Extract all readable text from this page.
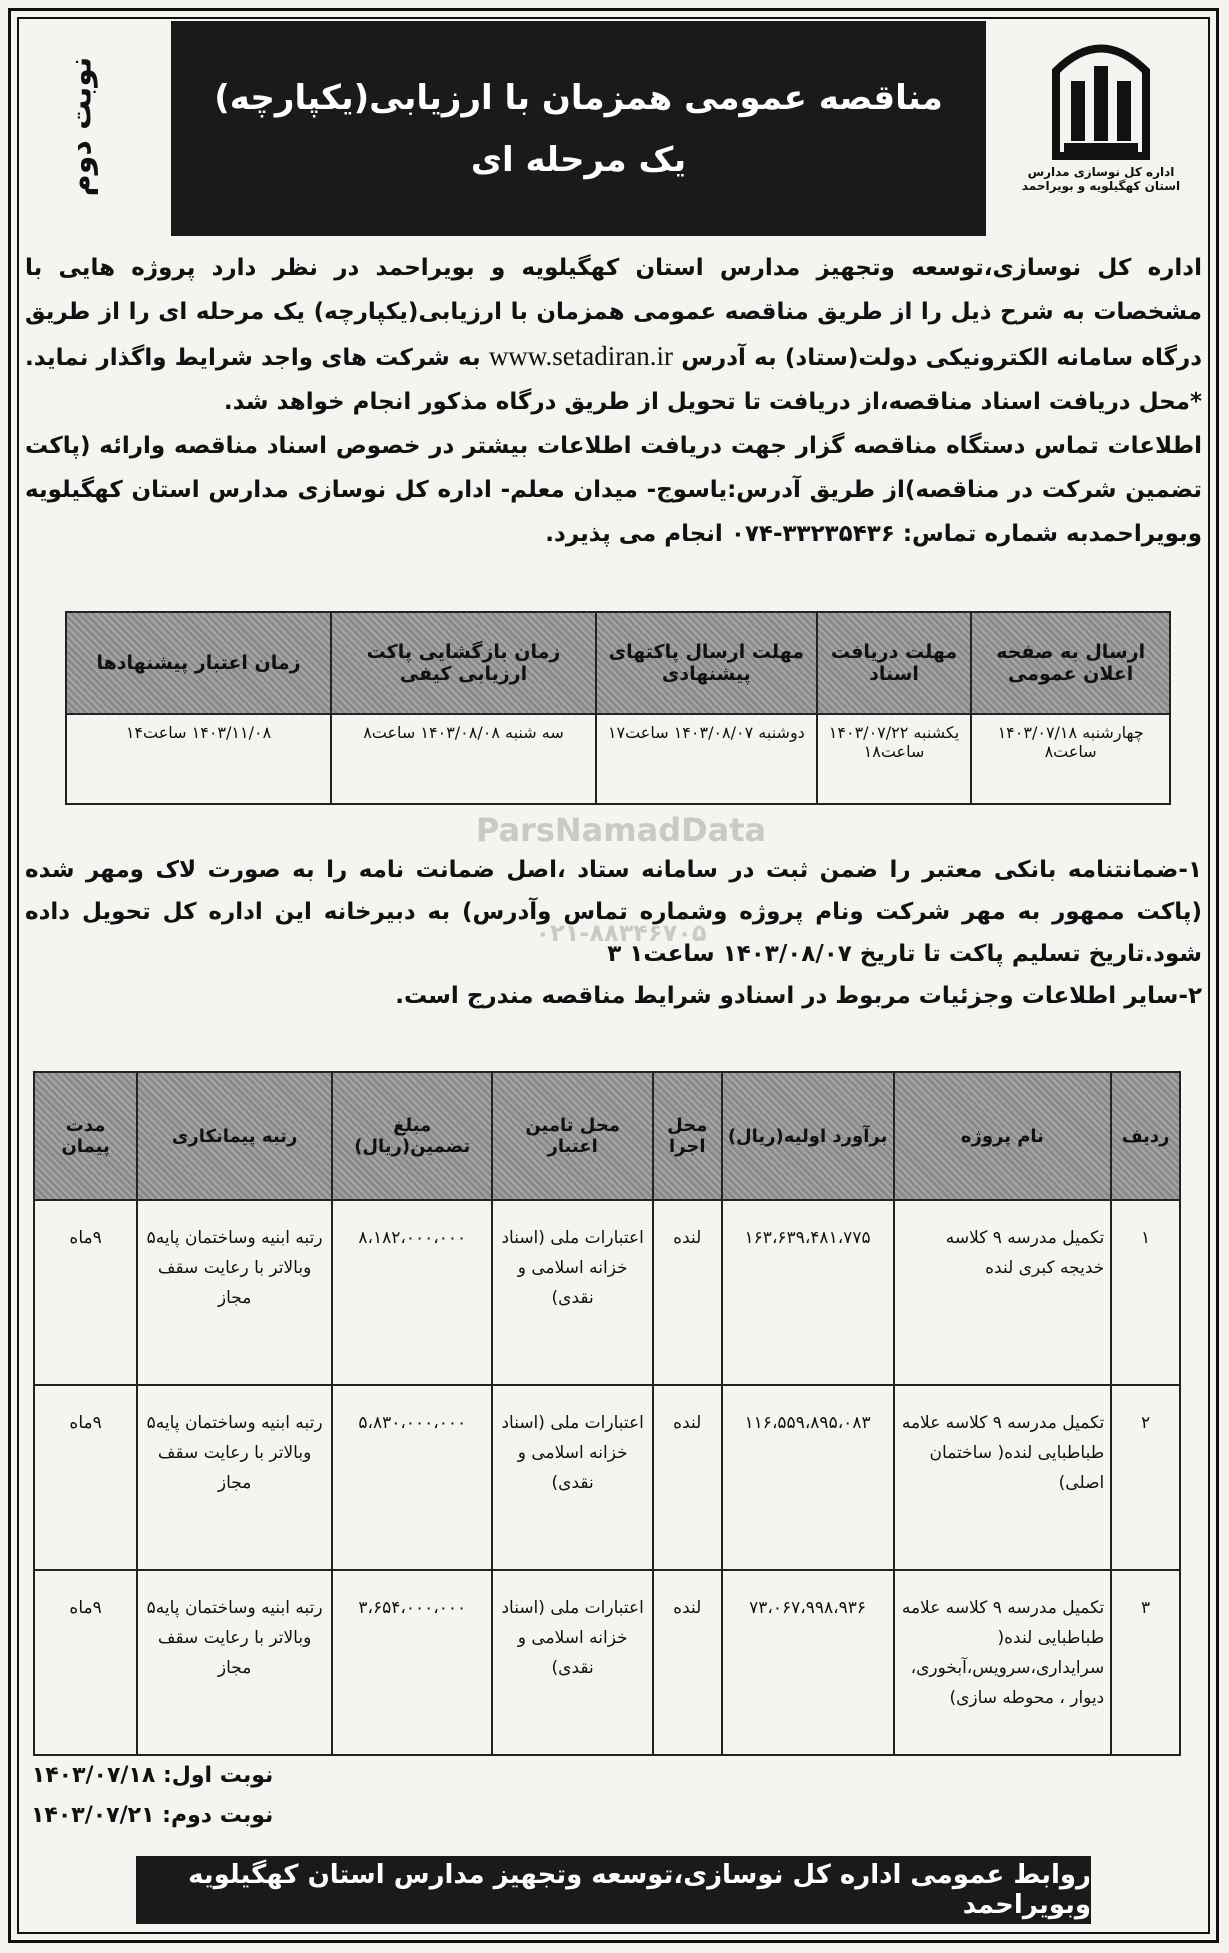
نوبت دوم	مناقصه عمومی همزمان با ارزیابی(یکپارچه)
یک مرحله ای	اداره کل نوسازی مدارس
استان کهگیلویه و بویراحمد

اداره کل نوسازی،توسعه وتجهیز مدارس استان کهگیلویه و بویراحمد در نظر دارد پروژه هایی با مشخصات به شرح ذیل را از طریق مناقصه عمومی همزمان با ارزیابی(یکپارچه) یک مرحله ای را از طریق درگاه سامانه الکترونیکی دولت(ستاد) به آدرس www.setadiran.ir به شرکت های واجد شرایط واگذار نماید. *محل دریافت اسناد مناقصه،از دریافت تا تحویل از طریق درگاه مذکور انجام خواهد شد.

اطلاعات تماس دستگاه مناقصه گزار جهت دریافت اطلاعات بیشتر در خصوص اسناد مناقصه وارائه (پاکت تضمین شرکت در مناقصه)از طریق آدرس:یاسوج- میدان معلم- اداره کل نوسازی مدارس استان کهگیلویه وبویراحمدبه شماره تماس: ۳۳۲۳۵۴۳۶-۰۷۴ انجام می پذیرد.

ارسال به صفحه اعلان عمومی	مهلت دریافت اسناد	مهلت ارسال پاکتهای پیشنهادی	زمان بازگشایی پاکت ارزیابی کیفی	زمان اعتبار پیشنهادها
چهارشنبه ۱۴۰۳/۰۷/۱۸ ساعت۸	یکشنبه ۱۴۰۳/۰۷/۲۲ ساعت۱۸	دوشنبه ۱۴۰۳/۰۸/۰۷ ساعت۱۷	سه شنبه ۱۴۰۳/۰۸/۰۸ ساعت۸	۱۴۰۳/۱۱/۰۸ ساعت۱۴
ParsNamadData
۰۲۱-۸۸۳۴۶۷۰۵

۱-ضمانتنامه بانکی معتبر را ضمن ثبت در سامانه ستاد ،اصل ضمانت نامه را به صورت لاک ومهر شده (پاکت ممهور به مهر شرکت ونام پروژه وشماره تماس وآدرس) به دبیرخانه این اداره کل تحویل داده شود.تاریخ تسلیم پاکت تا تاریخ ۱۴۰۳/۰۸/۰۷ ساعت۱ ۳

۲-سایر اطلاعات وجزئیات مربوط در اسنادو شرایط مناقصه مندرج است.

ردیف	نام پروژه	برآورد اولیه(ریال)	محل اجرا	محل تامین اعتبار	مبلغ تضمین(ریال)	رتبه پیمانکاری	مدت پیمان
۱	تکمیل مدرسه ۹ کلاسه خدیجه کبری لنده	۱۶۳،۶۳۹،۴۸۱،۷۷۵	لنده	اعتبارات ملی (اسناد خزانه اسلامی و نقدی)	۸،۱۸۲،۰۰۰،۰۰۰	رتبه ابنیه وساختمان پایه۵ وبالاتر با رعایت سقف مجاز	۹ماه
۲	تکمیل مدرسه ۹ کلاسه علامه طباطبایی لنده( ساختمان اصلی)	۱۱۶،۵۵۹،۸۹۵،۰۸۳	لنده	اعتبارات ملی (اسناد خزانه اسلامی و نقدی)	۵،۸۳۰،۰۰۰،۰۰۰	رتبه ابنیه وساختمان پایه۵ وبالاتر با رعایت سقف مجاز	۹ماه
۳	تکمیل مدرسه ۹ کلاسه علامه طباطبایی لنده( سرایداری،سرویس،آبخوری، دیوار ، محوطه سازی)	۷۳،۰۶۷،۹۹۸،۹۳۶	لنده	اعتبارات ملی (اسناد خزانه اسلامی و نقدی)	۳،۶۵۴،۰۰۰،۰۰۰	رتبه ابنیه وساختمان پایه۵ وبالاتر با رعایت سقف مجاز	۹ماه
نوبت اول: ۱۴۰۳/۰۷/۱۸
نوبت دوم: ۱۴۰۳/۰۷/۲۱
روابط عمومی اداره کل نوسازی،توسعه وتجهیز مدارس استان کهگیلویه وبویراحمد
